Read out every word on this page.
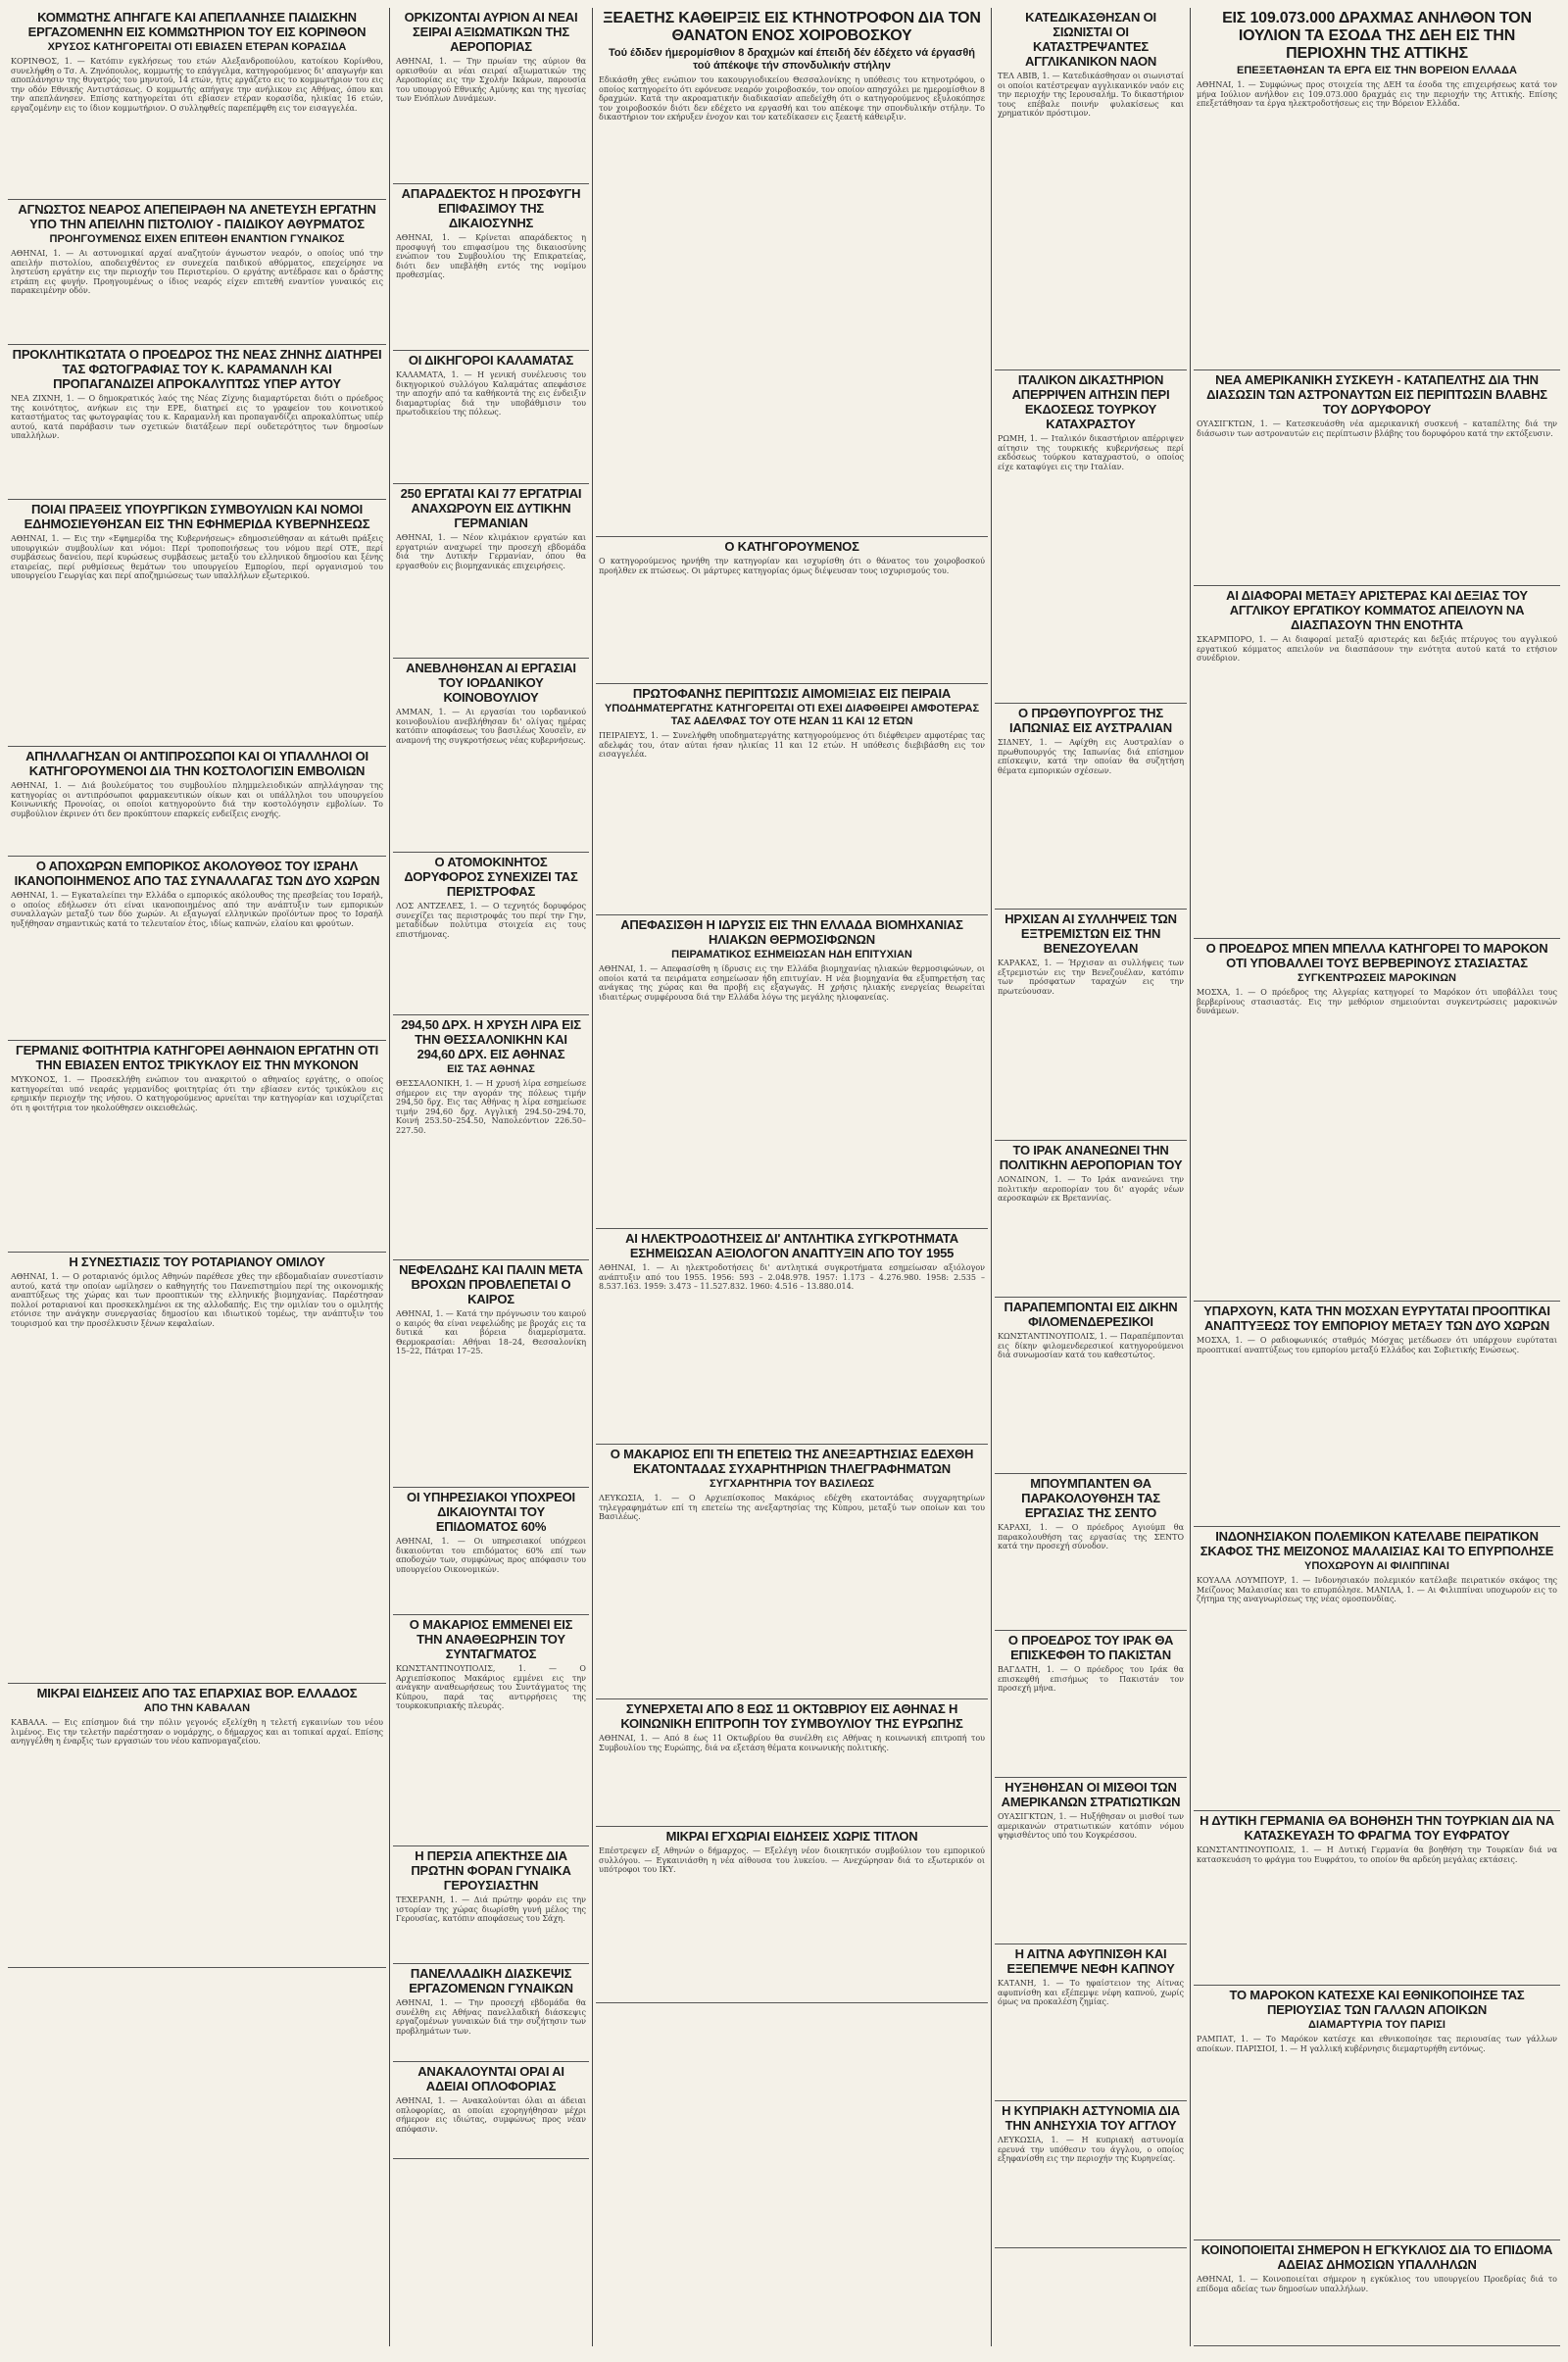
ΚΟΜΜΩΤΗΣ ΑΠΗΓΑΓΕ ΚΑΙ ΑΠΕΠΛΑΝΗΣΕ ΠΑΙΔΙΣΚΗΝ ΕΡΓΑΖΟΜΕΝΗΝ ΕΙΣ ΚΟΜΜΩΤΗΡΙΟΝ ΤΟΥ ΕΙΣ ΚΟΡΙΝΘΟΝ
ΧΡΥΣΟΣ ΚΑΤΗΓΟΡΕΙΤΑΙ ΟΤΙ ΕΒΙΑΣΕΝ ΕΤΕΡΑΝ ΚΟΡΑΣΙΔΑ
ΚΟΡΙΝΘΟΣ, 1. — Κατόπιν εγκλήσεως του ετών Αλεξανδροπούλου, κατοίκου Κορίνθου, συνελήφθη ο Τσ. Α. Ζηνόπουλος, κομμωτής το επάγγελμα, κατηγορούμενος δι' απαγωγήν και αποπλάνησιν της θυγατρός του μηνυτού, 14 ετών, ήτις εργάζετο εις το κομμωτήριον του εις την οδόν Εθνικής Αντιστάσεως. Ο κομμωτής απήγαγε την ανήλικον εις Αθήνας, όπου και την απεπλάνησεν. Επίσης κατηγορείται ότι εβίασεν ετέραν κορασίδα, ηλικίας 16 ετών, εργαζομένην εις το ίδιον κομμωτήριον. Ο συλληφθείς παρεπέμφθη εις τον εισαγγελέα.
ΑΓΝΩΣΤΟΣ ΝΕΑΡΟΣ ΑΠΕΠΕΙΡΑΘΗ ΝΑ ΑΝΕΤΕΥΣΗ ΕΡΓΑΤΗΝ ΥΠΟ ΤΗΝ ΑΠΕΙΛΗΝ ΠΙΣΤΟΛΙΟΥ - ΠΑΙΔΙΚΟΥ ΑΘΥΡΜΑΤΟΣ
ΠΡΟΗΓΟΥΜΕΝΩΣ ΕΙΧΕΝ ΕΠΙΤΕΘΗ ΕΝΑΝΤΙΟΝ ΓΥΝΑΙΚΟΣ
ΑΘΗΝΑΙ, 1. — Αι αστυνομικαί αρχαί αναζητούν άγνωστον νεαρόν, ο οποίος υπό την απειλήν πιστολίου, αποδειχθέντος εν συνεχεία παιδικού αθύρματος, επεχείρησε να ληστεύση εργάτην εις την περιοχήν του Περιστερίου. Ο εργάτης αντέδρασε και ο δράστης ετράπη εις φυγήν. Προηγουμένως ο ίδιος νεαρός είχεν επιτεθή εναντίον γυναικός εις παρακειμένην οδόν.
ΠΡΟΚΛΗΤΙΚΩΤΑΤΑ Ο ΠΡΟΕΔΡΟΣ ΤΗΣ ΝΕΑΣ ΖΗΝΗΣ ΔΙΑΤΗΡΕΙ ΤΑΣ ΦΩΤΟΓΡΑΦΙΑΣ ΤΟΥ Κ. ΚΑΡΑΜΑΝΛΗ ΚΑΙ ΠΡΟΠΑΓΑΝΔΙΖΕΙ ΑΠΡΟΚΑΛΥΠΤΩΣ ΥΠΕΡ ΑΥΤΟΥ
ΝΕΑ ΖΙΧΝΗ, 1. — Ο δημοκρατικός λαός της Νέας Ζίχνης διαμαρτύρεται διότι ο πρόεδρος της κοινότητος, ανήκων εις την ΕΡΕ, διατηρεί εις το γραφείον του κοινοτικού καταστήματος τας φωτογραφίας του κ. Καραμανλή και προπαγανδίζει απροκαλύπτως υπέρ αυτού, κατά παράβασιν των σχετικών διατάξεων περί ουδετερότητος των δημοσίων υπαλλήλων.
ΠΟΙΑΙ ΠΡΑΞΕΙΣ ΥΠΟΥΡΓΙΚΩΝ ΣΥΜΒΟΥΛΙΩΝ ΚΑΙ ΝΟΜΟΙ ΕΔΗΜΟΣΙΕΥΘΗΣΑΝ ΕΙΣ ΤΗΝ ΕΦΗΜΕΡΙΔΑ ΚΥΒΕΡΝΗΣΕΩΣ
ΑΘΗΝΑΙ, 1. — Εις την «Εφημερίδα της Κυβερνήσεως» εδημοσιεύθησαν αι κάτωθι πράξεις υπουργικών συμβουλίων και νόμοι: Περί τροποποιήσεως του νόμου περί ΟΤΕ, περί συμβάσεως δανείου, περί κυρώσεως συμβάσεως μεταξύ του ελληνικού δημοσίου και ξένης εταιρείας, περί ρυθμίσεως θεμάτων του υπουργείου Εμπορίου, περί οργανισμού του υπουργείου Γεωργίας και περί αποζημιώσεως των υπαλλήλων εξωτερικού.
ΑΠΗΛΛΑΓΗΣΑΝ ΟΙ ΑΝΤΙΠΡΟΣΩΠΟΙ ΚΑΙ ΟΙ ΥΠΑΛΛΗΛΟΙ ΟΙ ΚΑΤΗΓΟΡΟΥΜΕΝΟΙ ΔΙΑ ΤΗΝ ΚΟΣΤΟΛΟΓΙΣΙΝ ΕΜΒΟΛΙΩΝ
ΑΘΗΝΑΙ, 1. — Διά βουλεύματος του συμβουλίου πλημμελειοδικών απηλλάγησαν της κατηγορίας οι αντιπρόσωποι φαρμακευτικών οίκων και οι υπάλληλοι του υπουργείου Κοινωνικής Προνοίας, οι οποίοι κατηγορούντο διά την κοστολόγησιν εμβολίων. Το συμβούλιον έκρινεν ότι δεν προκύπτουν επαρκείς ενδείξεις ενοχής.
Ο ΑΠΟΧΩΡΩΝ ΕΜΠΟΡΙΚΟΣ ΑΚΟΛΟΥΘΟΣ ΤΟΥ ΙΣΡΑΗΛ ΙΚΑΝΟΠΟΙΗΜΕΝΟΣ ΑΠΟ ΤΑΣ ΣΥΝΑΛΛΑΓΑΣ ΤΩΝ ΔΥΟ ΧΩΡΩΝ
ΑΘΗΝΑΙ, 1. — Εγκαταλείπει την Ελλάδα ο εμπορικός ακόλουθος της πρεσβείας του Ισραήλ, ο οποίος εδήλωσεν ότι είναι ικανοποιημένος από την ανάπτυξιν των εμπορικών συναλλαγών μεταξύ των δύο χωρών. Αι εξαγωγαί ελληνικών προϊόντων προς το Ισραήλ ηυξήθησαν σημαντικώς κατά το τελευταίον έτος, ιδίως καπνών, ελαίου και φρούτων.
ΓΕΡΜΑΝΙΣ ΦΟΙΤΗΤΡΙΑ ΚΑΤΗΓΟΡΕΙ ΑΘΗΝΑΙΟΝ ΕΡΓΑΤΗΝ ΟΤΙ ΤΗΝ ΕΒΙΑΣΕΝ ΕΝΤΟΣ ΤΡΙΚΥΚΛΟΥ ΕΙΣ ΤΗΝ ΜΥΚΟΝΟΝ
ΜΥΚΟΝΟΣ, 1. — Προσεκλήθη ενώπιον του ανακριτού ο αθηναίος εργάτης, ο οποίος κατηγορείται υπό νεαράς γερμανίδος φοιτητρίας ότι την εβίασεν εντός τρικύκλου εις ερημικήν περιοχήν της νήσου. Ο κατηγορούμενος αρνείται την κατηγορίαν και ισχυρίζεται ότι η φοιτήτρια τον ηκολούθησεν οικειοθελώς.
Η ΣΥΝΕΣΤΙΑΣΙΣ ΤΟΥ ΡΟΤΑΡΙΑΝΟΥ ΟΜΙΛΟΥ
ΑΘΗΝΑΙ, 1. — Ο ροταριανός όμιλος Αθηνών παρέθεσε χθες την εβδομαδιαίαν συνεστίασιν αυτού, κατά την οποίαν ωμίλησεν ο καθηγητής του Πανεπιστημίου περί της οικονομικής αναπτύξεως της χώρας και των προοπτικών της ελληνικής βιομηχανίας. Παρέστησαν πολλοί ροταριανοί και προσκεκλημένοι εκ της αλλοδαπής. Εις την ομιλίαν του ο ομιλητής ετόνισε την ανάγκην συνεργασίας δημοσίου και ιδιωτικού τομέως, την ανάπτυξιν του τουρισμού και την προσέλκυσιν ξένων κεφαλαίων.
ΜΙΚΡΑΙ ΕΙΔΗΣΕΙΣ ΑΠΟ ΤΑΣ ΕΠΑΡΧΙΑΣ ΒΟΡ. ΕΛΛΑΔΟΣ
ΑΠΟ ΤΗΝ ΚΑΒΑΛΑΝ
ΚΑΒΑΛΑ. — Εις επίσημον διά την πόλιν γεγονός εξελίχθη η τελετή εγκαινίων του νέου λιμένος. Εις την τελετήν παρέστησαν ο νομάρχης, ο δήμαρχος και αι τοπικαί αρχαί. Επίσης ανηγγέλθη η έναρξις των εργασιών του νέου καπνομαγαζείου.
ΟΡΚΙΖΟΝΤΑΙ ΑΥΡΙΟΝ ΑΙ ΝΕΑΙ ΣΕΙΡΑΙ ΑΞΙΩΜΑΤΙΚΩΝ ΤΗΣ ΑΕΡΟΠΟΡΙΑΣ
ΑΘΗΝΑΙ, 1. — Την πρωίαν της αύριον θα ορκισθούν αι νέαι σειραί αξιωματικών της Αεροπορίας εις την Σχολήν Ικάρων, παρουσία του υπουργού Εθνικής Αμύνης και της ηγεσίας των Ενόπλων Δυνάμεων.
ΑΠΑΡΑΔΕΚΤΟΣ Η ΠΡΟΣΦΥΓΗ ΕΠΙΦΑΣΙΜΟΥ ΤΗΣ ΔΙΚΑΙΟΣΥΝΗΣ
ΑΘΗΝΑΙ, 1. — Κρίνεται απαράδεκτος η προσφυγή του επιφασίμου της δικαιοσύνης ενώπιον του Συμβουλίου της Επικρατείας, διότι δεν υπεβλήθη εντός της νομίμου προθεσμίας.
ΟΙ ΔΙΚΗΓΟΡΟΙ ΚΑΛΑΜΑΤΑΣ
ΚΑΛΑΜΑΤΑ, 1. — Η γενική συνέλευσις του δικηγορικού συλλόγου Καλαμάτας απεφάσισε την αποχήν από τα καθήκοντά της εις ένδειξιν διαμαρτυρίας διά την υποβάθμισιν του πρωτοδικείου της πόλεως.
250 ΕΡΓΑΤΑΙ ΚΑΙ 77 ΕΡΓΑΤΡΙΑΙ ΑΝΑΧΩΡΟΥΝ ΕΙΣ ΔΥΤΙΚΗΝ ΓΕΡΜΑΝΙΑΝ
ΑΘΗΝΑΙ, 1. — Νέον κλιμάκιον εργατών και εργατριών αναχωρεί την προσεχή εβδομάδα διά την Δυτικήν Γερμανίαν, όπου θα εργασθούν εις βιομηχανικάς επιχειρήσεις.
ΑΝΕΒΛΗΘΗΣΑΝ ΑΙ ΕΡΓΑΣΙΑΙ ΤΟΥ ΙΟΡΔΑΝΙΚΟΥ ΚΟΙΝΟΒΟΥΛΙΟΥ
ΑΜΜΑΝ, 1. — Αι εργασίαι του ιορδανικού κοινοβουλίου ανεβλήθησαν δι' ολίγας ημέρας κατόπιν αποφάσεως του βασιλέως Χουσεΐν, εν αναμονή της συγκροτήσεως νέας κυβερνήσεως.
Ο ΑΤΟΜΟΚΙΝΗΤΟΣ ΔΟΡΥΦΟΡΟΣ ΣΥΝΕΧΙΖΕΙ ΤΑΣ ΠΕΡΙΣΤΡΟΦΑΣ
ΛΟΣ ΑΝΤΖΕΛΕΣ, 1. — Ο τεχνητός δορυφόρος συνεχίζει τας περιστροφάς του περί την Γην, μεταδίδων πολύτιμα στοιχεία εις τους επιστήμονας.
294,50 ΔΡΧ. Η ΧΡΥΣΗ ΛΙΡΑ ΕΙΣ ΤΗΝ ΘΕΣΣΑΛΟΝΙΚΗΝ ΚΑΙ 294,60 ΔΡΧ. ΕΙΣ ΑΘΗΝΑΣ
ΕΙΣ ΤΑΣ ΑΘΗΝΑΣ
ΘΕΣΣΑΛΟΝΙΚΗ, 1. — Η χρυσή λίρα εσημείωσε σήμερον εις την αγοράν της πόλεως τιμήν 294,50 δρχ. Εις τας Αθήνας η λίρα εσημείωσε τιμήν 294,60 δρχ. Αγγλική 294.50–294.70, Κοινή 253.50–254.50, Ναπολεόντιον 226.50–227.50.
ΝΕΦΕΛΩΔΗΣ ΚΑΙ ΠΑΛΙΝ ΜΕΤΑ ΒΡΟΧΩΝ ΠΡΟΒΛΕΠΕΤΑΙ Ο ΚΑΙΡΟΣ
ΑΘΗΝΑΙ, 1. — Κατά την πρόγνωσιν του καιρού ο καιρός θα είναι νεφελώδης με βροχάς εις τα δυτικά και βόρεια διαμερίσματα. Θερμοκρασίαι: Αθήναι 18–24, Θεσσαλονίκη 15–22, Πάτραι 17–25.
ΟΙ ΥΠΗΡΕΣΙΑΚΟΙ ΥΠΟΧΡΕΟΙ ΔΙΚΑΙΟΥΝΤΑΙ ΤΟΥ ΕΠΙΔΟΜΑΤΟΣ 60%
ΑΘΗΝΑΙ, 1. — Οι υπηρεσιακοί υπόχρεοι δικαιούνται του επιδόματος 60% επί των αποδοχών των, συμφώνως προς απόφασιν του υπουργείου Οικονομικών.
Ο ΜΑΚΑΡΙΟΣ ΕΜΜΕΝΕΙ ΕΙΣ ΤΗΝ ΑΝΑΘΕΩΡΗΣΙΝ ΤΟΥ ΣΥΝΤΑΓΜΑΤΟΣ
ΚΩΝΣΤΑΝΤΙΝΟΥΠΟΛΙΣ, 1. — Ο Αρχιεπίσκοπος Μακάριος εμμένει εις την ανάγκην αναθεωρήσεως του Συντάγματος της Κύπρου, παρά τας αντιρρήσεις της τουρκοκυπριακής πλευράς.
Η ΠΕΡΣΙΑ ΑΠΕΚΤΗΣΕ ΔΙΑ ΠΡΩΤΗΝ ΦΟΡΑΝ ΓΥΝΑΙΚΑ ΓΕΡΟΥΣΙΑΣΤΗΝ
ΤΕΧΕΡΑΝΗ, 1. — Διά πρώτην φοράν εις την ιστορίαν της χώρας διωρίσθη γυνή μέλος της Γερουσίας, κατόπιν αποφάσεως του Σάχη.
ΠΑΝΕΛΛΑΔΙΚΗ ΔΙΑΣΚΕΨΙΣ ΕΡΓΑΖΟΜΕΝΩΝ ΓΥΝΑΙΚΩΝ
ΑΘΗΝΑΙ, 1. — Την προσεχή εβδομάδα θα συνέλθη εις Αθήνας πανελλαδική διάσκεψις εργαζομένων γυναικών διά την συζήτησιν των προβλημάτων των.
ΑΝΑΚΑΛΟΥΝΤΑΙ ΟΡΑΙ ΑΙ ΑΔΕΙΑΙ ΟΠΛΟΦΟΡΙΑΣ
ΑΘΗΝΑΙ, 1. — Ανακαλούνται όλαι αι άδειαι οπλοφορίας, αι οποίαι εχορηγήθησαν μέχρι σήμερον εις ιδιώτας, συμφώνως προς νέαν απόφασιν.
ΞΕΑΕΤΗΣ ΚΑΘΕΙΡΞΙΣ ΕΙΣ ΚΤΗΝΟΤΡΟΦΟΝ ΔΙΑ ΤΟΝ ΘΑΝΑΤΟΝ ΕΝΟΣ ΧΟΙΡΟΒΟΣΚΟΥ
Τού έδιδεν ήμερομίσθιον 8 δραχμών καί έπειδή δέν έδέχετο νά έργασθή τού άπέκοψε τήν σπονδυλικήν στήλην
Εδικάσθη χθες ενώπιον του κακουργιοδικείου Θεσσαλονίκης η υπόθεσις του κτηνοτρόφου, ο οποίος κατηγορείτο ότι εφόνευσε νεαρόν χοιροβοσκόν, τον οποίον απησχόλει με ημερομίσθιον 8 δραχμών. Κατά την ακροαματικήν διαδικασίαν απεδείχθη ότι ο κατηγορούμενος εξυλοκόπησε τον χοιροβοσκόν διότι δεν εδέχετο να εργασθή και του απέκοψε την σπονδυλικήν στήλην. Το δικαστήριον τον εκήρυξεν ένοχον και τον κατεδίκασεν εις ξεαετή κάθειρξιν.
Ο ΚΑΤΗΓΟΡΟΥΜΕΝΟΣ
Ο κατηγορούμενος ηρνήθη την κατηγορίαν και ισχυρίσθη ότι ο θάνατος του χοιροβοσκού προήλθεν εκ πτώσεως. Οι μάρτυρες κατηγορίας όμως διέψευσαν τους ισχυρισμούς του.
ΠΡΩΤΟΦΑΝΗΣ ΠΕΡΙΠΤΩΣΙΣ ΑΙΜΟΜΙΞΙΑΣ ΕΙΣ ΠΕΙΡΑΙΑ
ΥΠΟΔΗΜΑΤΕΡΓΑΤΗΣ ΚΑΤΗΓΟΡΕΙΤΑΙ ΟΤΙ ΕΧΕΙ ΔΙΑΦΘΕΙΡΕΙ ΑΜΦΟΤΕΡΑΣ ΤΑΣ ΑΔΕΛΦΑΣ ΤΟΥ ΟΤΕ ΗΣΑΝ 11 ΚΑΙ 12 ΕΤΩΝ
ΠΕΙΡΑΙΕΥΣ, 1. — Συνελήφθη υποδηματεργάτης κατηγορούμενος ότι διέφθειρεν αμφοτέρας τας αδελφάς του, όταν αύται ήσαν ηλικίας 11 και 12 ετών. Η υπόθεσις διεβιβάσθη εις τον εισαγγελέα.
ΑΠΕΦΑΣΙΣΘΗ Η ΙΔΡΥΣΙΣ ΕΙΣ ΤΗΝ ΕΛΛΑΔΑ ΒΙΟΜΗΧΑΝΙΑΣ ΗΛΙΑΚΩΝ ΘΕΡΜΟΣΙΦΩΝΩΝ
ΠΕΙΡΑΜΑΤΙΚΟΣ ΕΣΗΜΕΙΩΣΑΝ ΗΔΗ ΕΠΙΤΥΧΙΑΝ
ΑΘΗΝΑΙ, 1. — Απεφασίσθη η ίδρυσις εις την Ελλάδα βιομηχανίας ηλιακών θερμοσιφώνων, οι οποίοι κατά τα πειράματα εσημείωσαν ήδη επιτυχίαν. Η νέα βιομηχανία θα εξυπηρετήση τας ανάγκας της χώρας και θα προβή εις εξαγωγάς. Η χρήσις ηλιακής ενεργείας θεωρείται ιδιαιτέρως συμφέρουσα διά την Ελλάδα λόγω της μεγάλης ηλιοφανείας.
ΑΙ ΗΛΕΚΤΡΟΔΟΤΗΣΕΙΣ ΔΙ' ΑΝΤΛΗΤΙΚΑ ΣΥΓΚΡΟΤΗΜΑΤΑ ΕΣΗΜΕΙΩΣΑΝ ΑΞΙΟΛΟΓΟΝ ΑΝΑΠΤΥΞΙΝ ΑΠΟ ΤΟΥ 1955
ΑΘΗΝΑΙ, 1. — Αι ηλεκτροδοτήσεις δι' αντλητικά συγκροτήματα εσημείωσαν αξιόλογον ανάπτυξιν από του 1955. 1956: 593 – 2.048.978. 1957: 1.173 – 4.276.980. 1958: 2.535 – 8.537.163. 1959: 3.473 – 11.527.832. 1960: 4.516 – 13.880.014.
Ο ΜΑΚΑΡΙΟΣ ΕΠΙ ΤΗ ΕΠΕΤΕΙΩ ΤΗΣ ΑΝΕΞΑΡΤΗΣΙΑΣ ΕΔΕΧΘΗ ΕΚΑΤΟΝΤΑΔΑΣ ΣΥΧΑΡΗΤΗΡΙΩΝ ΤΗΛΕΓΡΑΦΗΜΑΤΩΝ
ΣΥΓΧΑΡΗΤΗΡΙΑ ΤΟΥ ΒΑΣΙΛΕΩΣ
ΛΕΥΚΩΣΙΑ, 1. — Ο Αρχιεπίσκοπος Μακάριος εδέχθη εκατοντάδας συγχαρητηρίων τηλεγραφημάτων επί τη επετείω της ανεξαρτησίας της Κύπρου, μεταξύ των οποίων και του Βασιλέως.
ΣΥΝΕΡΧΕΤΑΙ ΑΠΟ 8 ΕΩΣ 11 ΟΚΤΩΒΡΙΟΥ ΕΙΣ ΑΘΗΝΑΣ Η ΚΟΙΝΩΝΙΚΗ ΕΠΙΤΡΟΠΗ ΤΟΥ ΣΥΜΒΟΥΛΙΟΥ ΤΗΣ ΕΥΡΩΠΗΣ
ΑΘΗΝΑΙ, 1. — Από 8 έως 11 Οκτωβρίου θα συνέλθη εις Αθήνας η κοινωνική επιτροπή του Συμβουλίου της Ευρώπης, διά να εξετάση θέματα κοινωνικής πολιτικής.
ΜΙΚΡΑΙ ΕΓΧΩΡΙΑΙ ΕΙΔΗΣΕΙΣ ΧΩΡΙΣ ΤΙΤΛΟΝ
Επέστρεψεν εξ Αθηνών ο δήμαρχος. — Εξελέγη νέον διοικητικόν συμβούλιον του εμπορικού συλλόγου. — Εγκαινιάσθη η νέα αίθουσα του λυκείου. — Ανεχώρησαν διά το εξωτερικόν οι υπότροφοι του ΙΚΥ.
ΚΑΤΕΔΙΚΑΣΘΗΣΑΝ ΟΙ ΣΙΩΝΙΣΤΑΙ ΟΙ ΚΑΤΑΣΤΡΕΨΑΝΤΕΣ ΑΓΓΛΙΚΑΝΙΚΟΝ ΝΑΟΝ
ΤΕΛ ΑΒΙΒ, 1. — Κατεδικάσθησαν οι σιωνισταί οι οποίοι κατέστρεψαν αγγλικανικόν ναόν εις την περιοχήν της Ιερουσαλήμ. Το δικαστήριον τους επέβαλε ποινήν φυλακίσεως και χρηματικόν πρόστιμον.
ΙΤΑΛΙΚΟΝ ΔΙΚΑΣΤΗΡΙΟΝ ΑΠΕΡΡΙΨΕΝ ΑΙΤΗΣΙΝ ΠΕΡΙ ΕΚΔΟΣΕΩΣ ΤΟΥΡΚΟΥ ΚΑΤΑΧΡΑΣΤΟΥ
ΡΩΜΗ, 1. — Ιταλικόν δικαστήριον απέρριψεν αίτησιν της τουρκικής κυβερνήσεως περί εκδόσεως τούρκου καταχραστού, ο οποίος είχε καταφύγει εις την Ιταλίαν.
Ο ΠΡΩΘΥΠΟΥΡΓΟΣ ΤΗΣ ΙΑΠΩΝΙΑΣ ΕΙΣ ΑΥΣΤΡΑΛΙΑΝ
ΣΙΔΝΕΥ, 1. — Αφίχθη εις Αυστραλίαν ο πρωθυπουργός της Ιαπωνίας διά επίσημον επίσκεψιν, κατά την οποίαν θα συζητήση θέματα εμπορικών σχέσεων.
ΗΡΧΙΣΑΝ ΑΙ ΣΥΛΛΗΨΕΙΣ ΤΩΝ ΕΞΤΡΕΜΙΣΤΩΝ ΕΙΣ ΤΗΝ ΒΕΝΕΖΟΥΕΛΑΝ
ΚΑΡΑΚΑΣ, 1. — Ήρχισαν αι συλλήψεις των εξτρεμιστών εις την Βενεζουέλαν, κατόπιν των πρόσφατων ταραχών εις την πρωτεύουσαν.
ΤΟ ΙΡΑΚ ΑΝΑΝΕΩΝΕΙ ΤΗΝ ΠΟΛΙΤΙΚΗΝ ΑΕΡΟΠΟΡΙΑΝ ΤΟΥ
ΛΟΝΔΙΝΟΝ, 1. — Το Ιράκ ανανεώνει την πολιτικήν αεροπορίαν του δι' αγοράς νέων αεροσκαφών εκ Βρεταννίας.
ΠΑΡΑΠΕΜΠΟΝΤΑΙ ΕΙΣ ΔΙΚΗΝ ΦΙΛΟΜΕΝΔΕΡΕΣΙΚΟΙ
ΚΩΝΣΤΑΝΤΙΝΟΥΠΟΛΙΣ, 1. — Παραπέμπονται εις δίκην φιλομενδερεσικοί κατηγορούμενοι διά συνωμοσίαν κατά του καθεστώτος.
ΜΠΟΥΜΠΑΝΤΕΝ ΘΑ ΠΑΡΑΚΟΛΟΥΘΗΣΗ ΤΑΣ ΕΡΓΑΣΙΑΣ ΤΗΣ ΣΕΝΤΟ
ΚΑΡΑΧΙ, 1. — Ο πρόεδρος Αγιούμπ θα παρακολουθήση τας εργασίας της ΣΕΝΤΟ κατά την προσεχή σύνοδον.
Ο ΠΡΟΕΔΡΟΣ ΤΟΥ ΙΡΑΚ ΘΑ ΕΠΙΣΚΕΦΘΗ ΤΟ ΠΑΚΙΣΤΑΝ
ΒΑΓΔΑΤΗ, 1. — Ο πρόεδρος του Ιράκ θα επισκεφθή επισήμως το Πακιστάν τον προσεχή μήνα.
ΗΥΞΗΘΗΣΑΝ ΟΙ ΜΙΣΘΟΙ ΤΩΝ ΑΜΕΡΙΚΑΝΩΝ ΣΤΡΑΤΙΩΤΙΚΩΝ
ΟΥΑΣΙΓΚΤΩΝ, 1. — Ηυξήθησαν οι μισθοί των αμερικανών στρατιωτικών κατόπιν νόμου ψηφισθέντος υπό του Κογκρέσσου.
Η ΑΙΤΝΑ ΑΦΥΠΝΙΣΘΗ ΚΑΙ ΕΞΕΠΕΜΨΕ ΝΕΦΗ ΚΑΠΝΟΥ
ΚΑΤΑΝΗ, 1. — Το ηφαίστειον της Αίτνας αφυπνίσθη και εξέπεμψε νέφη καπνού, χωρίς όμως να προκαλέση ζημίας.
Η ΚΥΠΡΙΑΚΗ ΑΣΤΥΝΟΜΙΑ ΔΙΑ ΤΗΝ ΑΝΗΣΥΧΙΑ ΤΟΥ ΑΓΓΛΟΥ
ΛΕΥΚΩΣΙΑ, 1. — Η κυπριακή αστυνομία ερευνά την υπόθεσιν του άγγλου, ο οποίος εξηφανίσθη εις την περιοχήν της Κυρηνείας.
ΕΙΣ 109.073.000 ΔΡΑΧΜΑΣ ΑΝΗΛΘΟΝ ΤΟΝ ΙΟΥΛΙΟΝ ΤΑ ΕΣΟΔΑ ΤΗΣ ΔΕΗ ΕΙΣ ΤΗΝ ΠΕΡΙΟΧΗΝ ΤΗΣ ΑΤΤΙΚΗΣ
ΕΠΕΞΕΤΑΘΗΣΑΝ ΤΑ ΕΡΓΑ ΕΙΣ ΤΗΝ ΒΟΡΕΙΟΝ ΕΛΛΑΔΑ
ΑΘΗΝΑΙ, 1. — Συμφώνως προς στοιχεία της ΔΕΗ τα έσοδα της επιχειρήσεως κατά τον μήνα Ιούλιον ανήλθον εις 109.073.000 δραχμάς εις την περιοχήν της Αττικής. Επίσης επεξετάθησαν τα έργα ηλεκτροδοτήσεως εις την Βόρειον Ελλάδα.
ΝΕΑ ΑΜΕΡΙΚΑΝΙΚΗ ΣΥΣΚΕΥΗ - ΚΑΤΑΠΕΛΤΗΣ ΔΙΑ ΤΗΝ ΔΙΑΣΩΣΙΝ ΤΩΝ ΑΣΤΡΟΝΑΥΤΩΝ ΕΙΣ ΠΕΡΙΠΤΩΣΙΝ ΒΛΑΒΗΣ ΤΟΥ ΔΟΡΥΦΟΡΟΥ
ΟΥΑΣΙΓΚΤΩΝ, 1. — Κατεσκευάσθη νέα αμερικανική συσκευή – καταπέλτης διά την διάσωσιν των αστροναυτών εις περίπτωσιν βλάβης του δορυφόρου κατά την εκτόξευσιν.
ΑΙ ΔΙΑΦΟΡΑΙ ΜΕΤΑΞΥ ΑΡΙΣΤΕΡΑΣ ΚΑΙ ΔΕΞΙΑΣ ΤΟΥ ΑΓΓΛΙΚΟΥ ΕΡΓΑΤΙΚΟΥ ΚΟΜΜΑΤΟΣ ΑΠΕΙΛΟΥΝ ΝΑ ΔΙΑΣΠΑΣΟΥΝ ΤΗΝ ΕΝΟΤΗΤΑ
ΣΚΑΡΜΠΟΡΟ, 1. — Αι διαφοραί μεταξύ αριστεράς και δεξιάς πτέρυγος του αγγλικού εργατικού κόμματος απειλούν να διασπάσουν την ενότητα αυτού κατά το ετήσιον συνέδριον.
Ο ΠΡΟΕΔΡΟΣ ΜΠΕΝ ΜΠΕΛΛΑ ΚΑΤΗΓΟΡΕΙ ΤΟ ΜΑΡΟΚΟΝ ΟΤΙ ΥΠΟΒΑΛΛΕΙ ΤΟΥΣ ΒΕΡΒΕΡΙΝΟΥΣ ΣΤΑΣΙΑΣΤΑΣ
ΣΥΓΚΕΝΤΡΩΣΕΙΣ ΜΑΡΟΚΙΝΩΝ
ΜΟΣΧΑ, 1. — Ο πρόεδρος της Αλγερίας κατηγορεί το Μαρόκον ότι υποβάλλει τους βερβερίνους στασιαστάς. Εις την μεθόριον σημειούνται συγκεντρώσεις μαροκινών δυνάμεων.
ΥΠΑΡΧΟΥΝ, ΚΑΤΑ ΤΗΝ ΜΟΣΧΑΝ ΕΥΡΥΤΑΤΑΙ ΠΡΟΟΠΤΙΚΑΙ ΑΝΑΠΤΥΞΕΩΣ ΤΟΥ ΕΜΠΟΡΙΟΥ ΜΕΤΑΞΥ ΤΩΝ ΔΥΟ ΧΩΡΩΝ
ΜΟΣΧΑ, 1. — Ο ραδιοφωνικός σταθμός Μόσχας μετέδωσεν ότι υπάρχουν ευρύταται προοπτικαί αναπτύξεως του εμπορίου μεταξύ Ελλάδος και Σοβιετικής Ενώσεως.
ΙΝΔΟΝΗΣΙΑΚΟΝ ΠΟΛΕΜΙΚΟΝ ΚΑΤΕΛΑΒΕ ΠΕΙΡΑΤΙΚΟΝ ΣΚΑΦΟΣ ΤΗΣ ΜΕΙΖΟΝΟΣ ΜΑΛΑΙΣΙΑΣ ΚΑΙ ΤΟ ΕΠΥΡΠΟΛΗΣΕ
ΥΠΟΧΩΡΟΥΝ ΑΙ ΦΙΛΙΠΠΙΝΑΙ
ΚΟΥΑΛΑ ΛΟΥΜΠΟΥΡ, 1. — Ινδονησιακόν πολεμικόν κατέλαβε πειρατικόν σκάφος της Μείζονος Μαλαισίας και το επυρπόλησε. ΜΑΝΙΛΑ, 1. — Αι Φιλιππίναι υποχωρούν εις το ζήτημα της αναγνωρίσεως της νέας ομοσπονδίας.
Η ΔΥΤΙΚΗ ΓΕΡΜΑΝΙΑ ΘΑ ΒΟΗΘΗΣΗ ΤΗΝ ΤΟΥΡΚΙΑΝ ΔΙΑ ΝΑ ΚΑΤΑΣΚΕΥΑΣΗ ΤΟ ΦΡΑΓΜΑ ΤΟΥ ΕΥΦΡΑΤΟΥ
ΚΩΝΣΤΑΝΤΙΝΟΥΠΟΛΙΣ, 1. — Η Δυτική Γερμανία θα βοηθήση την Τουρκίαν διά να κατασκευάση το φράγμα του Ευφράτου, το οποίον θα αρδεύη μεγάλας εκτάσεις.
ΤΟ ΜΑΡΟΚΟΝ ΚΑΤΕΣΧΕ ΚΑΙ ΕΘΝΙΚΟΠΟΙΗΣΕ ΤΑΣ ΠΕΡΙΟΥΣΙΑΣ ΤΩΝ ΓΑΛΛΩΝ ΑΠΟΙΚΩΝ
ΔΙΑΜΑΡΤΥΡΙΑ ΤΟΥ ΠΑΡΙΣΙ
ΡΑΜΠΑΤ, 1. — Το Μαρόκον κατέσχε και εθνικοποίησε τας περιουσίας των γάλλων αποίκων. ΠΑΡΙΣΙΟΙ, 1. — Η γαλλική κυβέρνησις διεμαρτυρήθη εντόνως.
ΚΟΙΝΟΠΟΙΕΙΤΑΙ ΣΗΜΕΡΟΝ Η ΕΓΚΥΚΛΙΟΣ ΔΙΑ ΤΟ ΕΠΙΔΟΜΑ ΑΔΕΙΑΣ ΔΗΜΟΣΙΩΝ ΥΠΑΛΛΗΛΩΝ
ΑΘΗΝΑΙ, 1. — Κοινοποιείται σήμερον η εγκύκλιος του υπουργείου Προεδρίας διά το επίδομα αδείας των δημοσίων υπαλλήλων.
